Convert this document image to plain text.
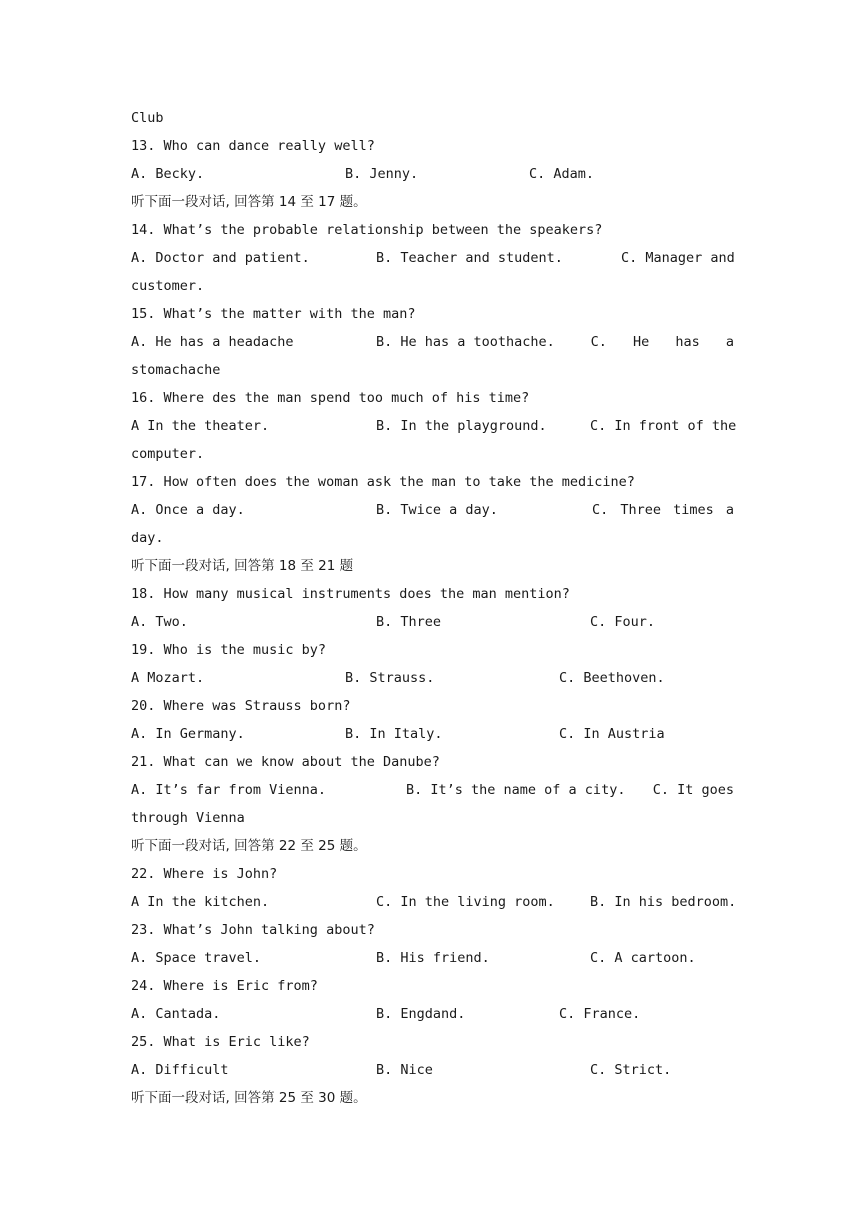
Club
13. Who can dance really well?

A. Becky.

	B. Jenny.

	C. Adam.

听下面一段对话, 回答第 14 至 17 题。
14. What’s the probable relationship between the speakers?

A. Doctor and patient.

	B. Teacher and student.

	C. Manager and

customer.
15. What’s the matter with the man?

A. He has a headache

	B. He has a toothache.

	C. He has a

stomachache
16. Where des the man spend too much of his time?

A In the theater.

	B. In the playground.

	C. In front of the

computer.
17. How often does the woman ask the man to take the medicine?

A. Once a day.

	B. Twice a day.

	C. Three times a

day.
听下面一段对话, 回答第 18 至 21 题
18. How many musical instruments does the man mention?

A. Two.

	B. Three

	C. Four.

19. Who is the music by?

A Mozart.

	B. Strauss.

	C. Beethoven.

20. Where was Strauss born?

A. In Germany.

	B. In Italy.

	C. In Austria

21. What can we know about the Danube?

A. It’s far from Vienna.

	B. It’s the name of a city.

	C. It goes

through Vienna
听下面一段对话, 回答第 22 至 25 题。
22. Where is John?

A In the kitchen.

	C. In the living room.

	B. In his bedroom.

23. What’s John talking about?

A. Space travel.

	B. His friend.

	C. A cartoon.

24. Where is Eric from?

A. Cantada.

	B. Engdand.

	C. France.

25. What is Eric like?

A. Difficult

	B. Nice

	C. Strict.

听下面一段对话, 回答第 25 至 30 题。
